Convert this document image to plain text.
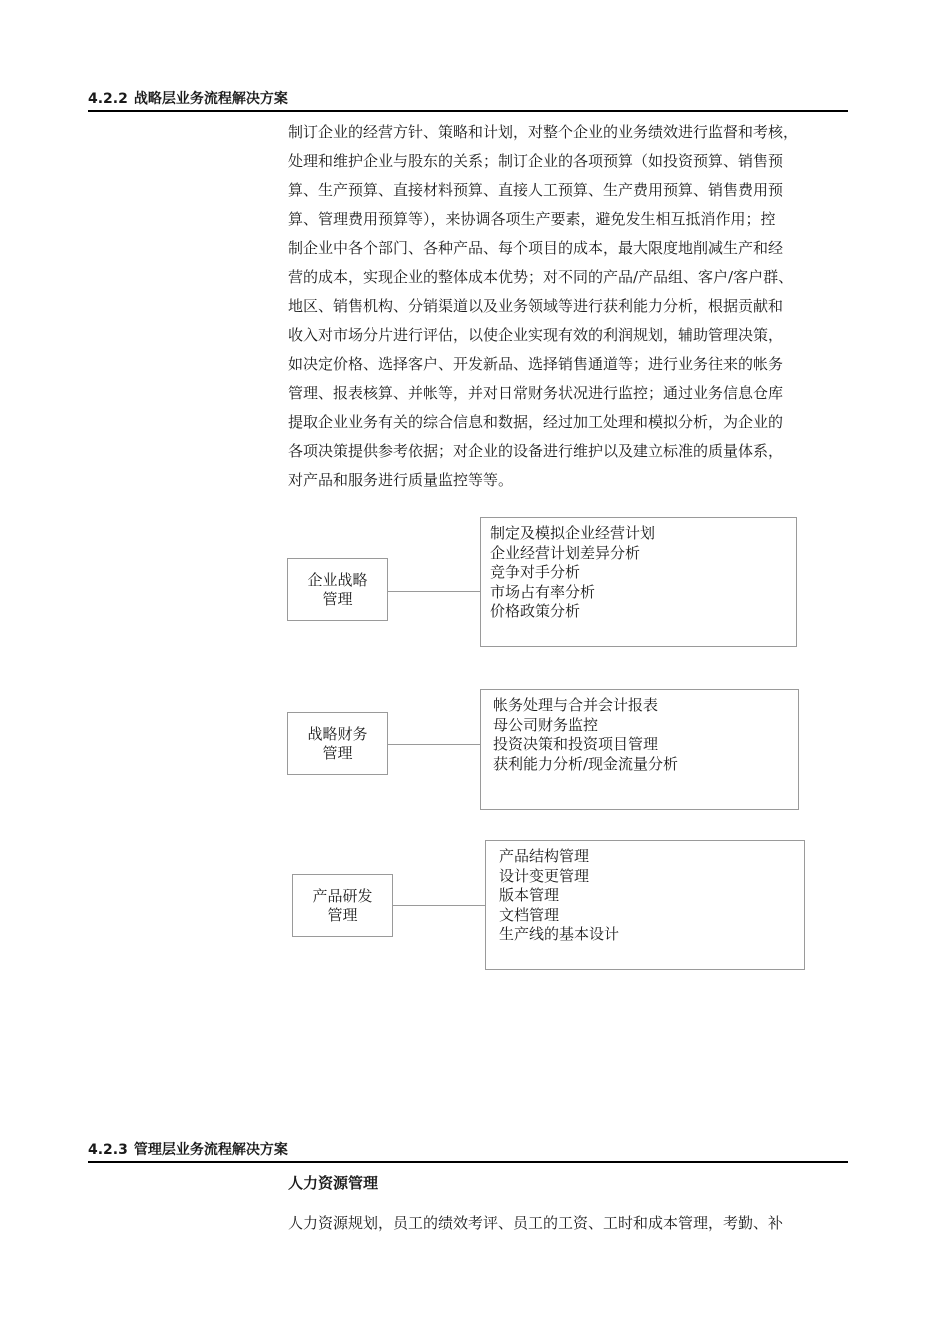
4.2.2 战略层业务流程解决方案
制订企业的经营方针、策略和计划，对整个企业的业务绩效进行监督和考核，
处理和维护企业与股东的关系；制订企业的各项预算（如投资预算、销售预
算、生产预算、直接材料预算、直接人工预算、生产费用预算、销售费用预
算、管理费用预算等），来协调各项生产要素，避免发生相互抵消作用；控
制企业中各个部门、各种产品、每个项目的成本，最大限度地削减生产和经
营的成本，实现企业的整体成本优势；对不同的产品/产品组、客户/客户群、
地区、销售机构、分销渠道以及业务领域等进行获利能力分析，根据贡献和
收入对市场分片进行评估，以使企业实现有效的利润规划，辅助管理决策，
如决定价格、选择客户、开发新品、选择销售通道等；进行业务往来的帐务
管理、报表核算、并帐等，并对日常财务状况进行监控；通过业务信息仓库
提取企业业务有关的综合信息和数据，经过加工处理和模拟分析，为企业的
各项决策提供参考依据；对企业的设备进行维护以及建立标准的质量体系，
对产品和服务进行质量监控等等。
企业战略
管理
制定及模拟企业经营计划
企业经营计划差异分析
竞争对手分析
市场占有率分析
价格政策分析
战略财务
管理
帐务处理与合并会计报表
母公司财务监控
投资决策和投资项目管理
获利能力分析/现金流量分析
产品研发
管理
产品结构管理
设计变更管理
版本管理
文档管理
生产线的基本设计
4.2.3 管理层业务流程解决方案
人力资源管理
人力资源规划，员工的绩效考评、员工的工资、工时和成本管理，考勤、补
